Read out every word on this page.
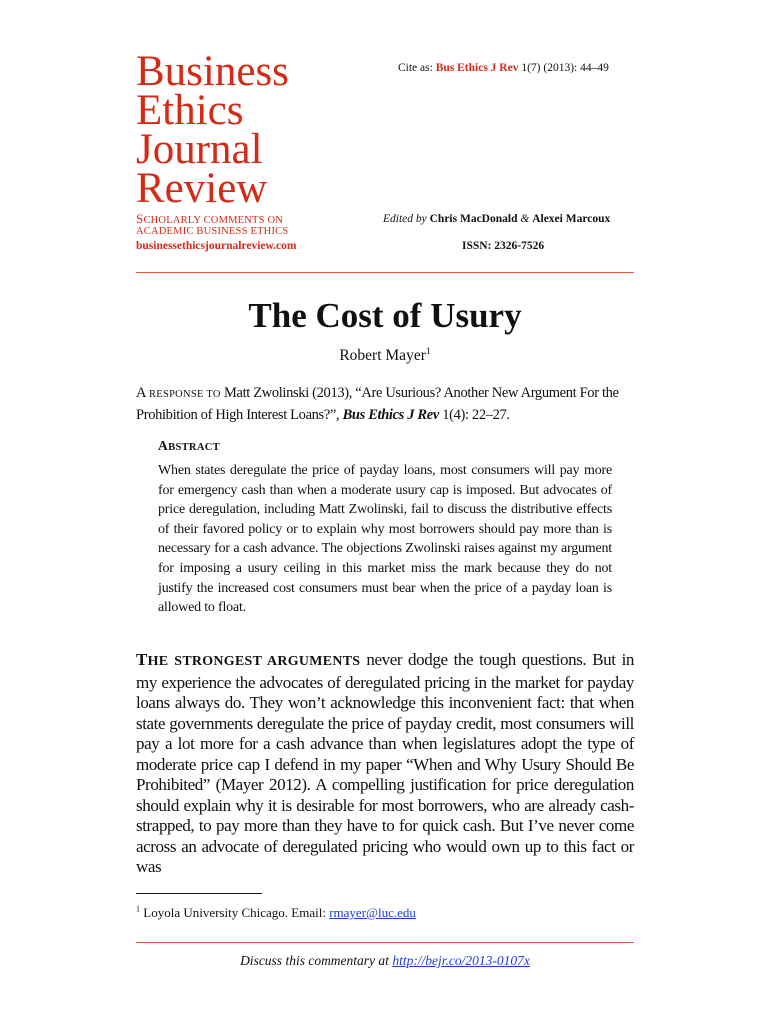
Business
Ethics
Journal
Review
SCHOLARLY COMMENTS ON
ACADEMIC BUSINESS ETHICS
businessethicsjournalreview.com
Cite as: Bus Ethics J Rev 1(7) (2013): 44–49
Edited by Chris MacDonald & Alexei Marcoux
ISSN: 2326-7526
The Cost of Usury
Robert Mayer$^1$
A RESPONSE TO Matt Zwolinski (2013), “Are Usurious? Another New Argument For the Prohibition of High Interest Loans?”, Bus Ethics J Rev 1(4): 22–27.
ABSTRACT
When states deregulate the price of payday loans, most consumers will pay more for emergency cash than when a moderate usury cap is imposed. But advocates of price deregulation, including Matt Zwolinski, fail to discuss the distributive effects of their favored policy or to explain why most borrowers should pay more than is necessary for a cash advance. The objections Zwolinski raises against my argument for imposing a usury ceiling in this market miss the mark because they do not justify the increased cost consumers must bear when the price of a payday loan is allowed to float.
THE STRONGEST ARGUMENTS never dodge the tough questions. But in my experience the advocates of deregulated pricing in the market for payday loans always do. They won’t acknowledge this inconvenient fact: that when state governments deregulate the price of payday credit, most consumers will pay a lot more for a cash advance than when legislatures adopt the type of moderate price cap I defend in my paper “When and Why Usury Should Be Prohibited” (Mayer 2012). A compelling justification for price deregulation should explain why it is desirable for most borrowers, who are already cash-strapped, to pay more than they have to for quick cash. But I’ve never come across an advocate of deregulated pricing who would own up to this fact or was
$^1$ Loyola University Chicago. Email: rmayer@luc.edu
Discuss this commentary at http://bejr.co/2013-0107x
